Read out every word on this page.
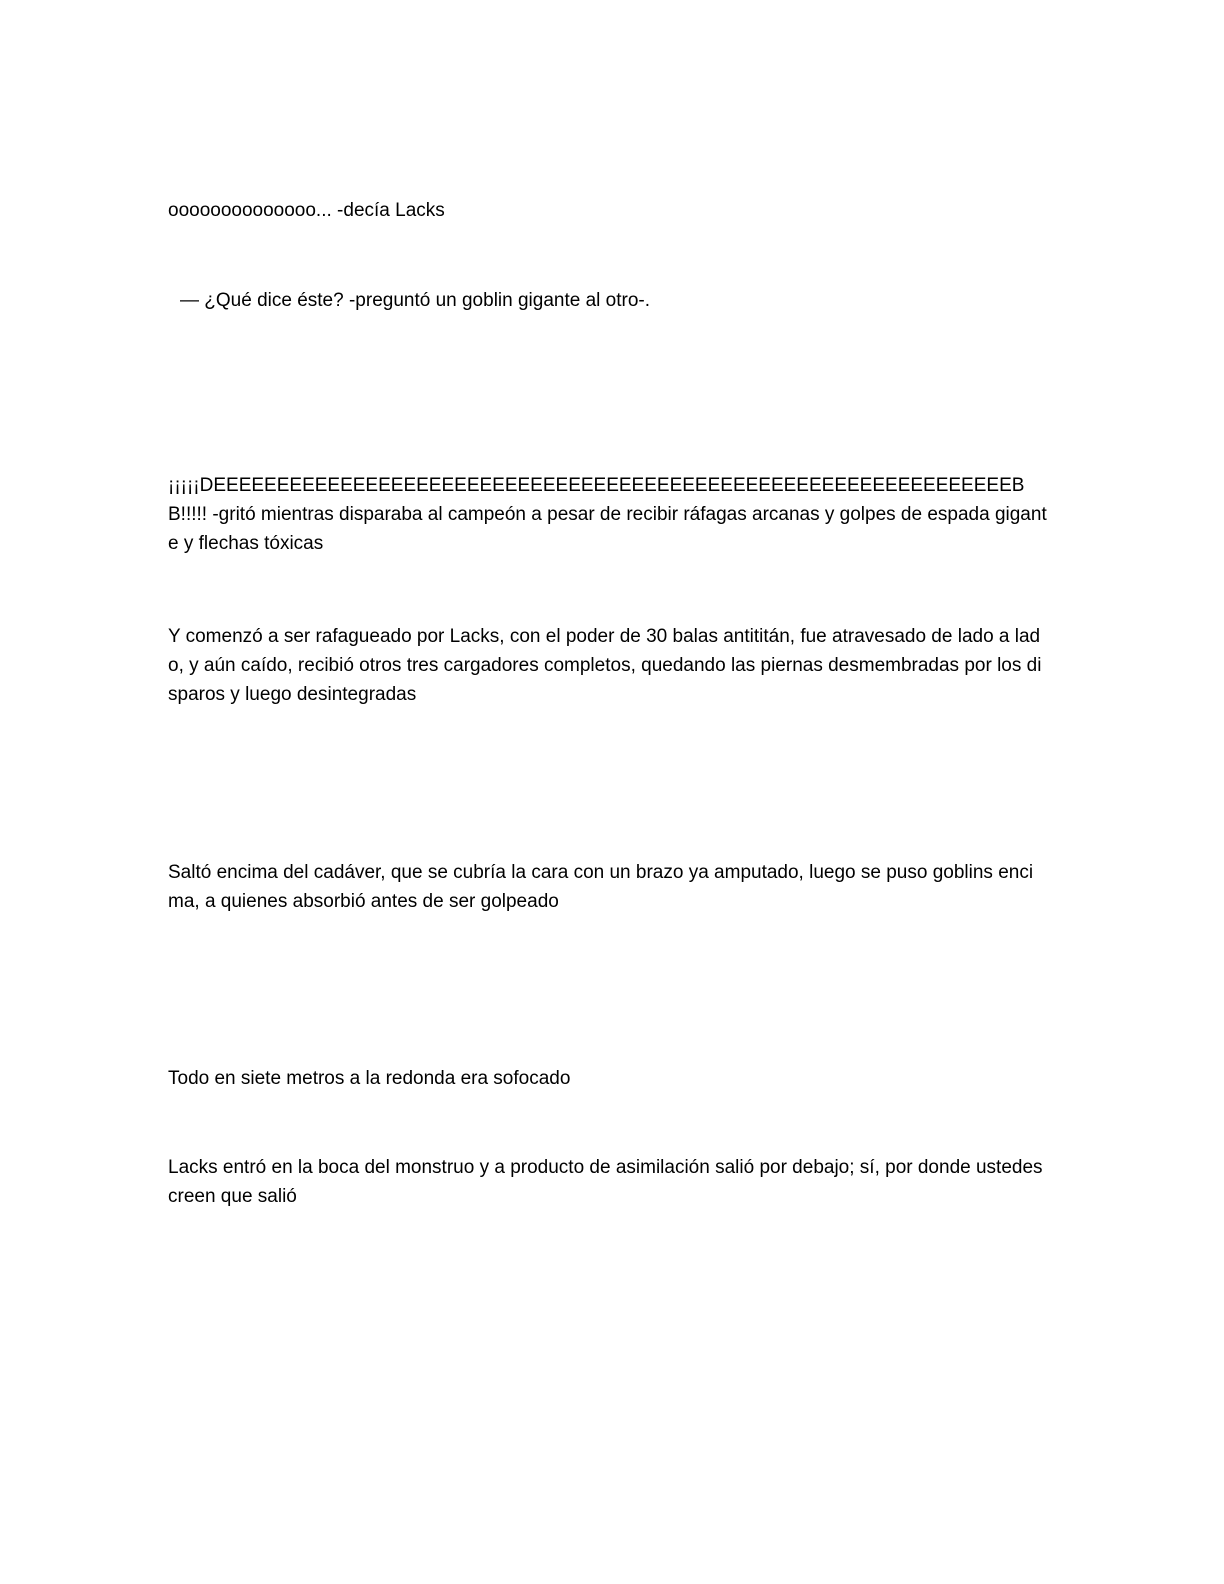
oooooooooooooo... -decía Lacks

— ¿Qué dice éste? -preguntó un goblin gigante al otro-.

¡¡¡¡¡DEEEEEEEEEEEEEEEEEEEEEEEEEEEEEEEEEEEEEEEEEEEEEEEEEEEEEEEEEEEEEEEBB!!!!! -gritó mientras disparaba al campeón a pesar de recibir ráfagas arcanas y golpes de espada gigante y flechas tóxicas

Y comenzó a ser rafagueado por Lacks, con el poder de 30 balas antititán, fue atravesado de lado a lado, y aún caído, recibió otros tres cargadores completos, quedando las piernas desmembradas por los disparos y luego desintegradas

Saltó encima del cadáver, que se cubría la cara con un brazo ya amputado, luego se puso goblins encima, a quienes absorbió antes de ser golpeado

Todo en siete metros a la redonda era sofocado

Lacks entró en la boca del monstruo y a producto de asimilación salió por debajo; sí, por donde ustedes creen que salió
